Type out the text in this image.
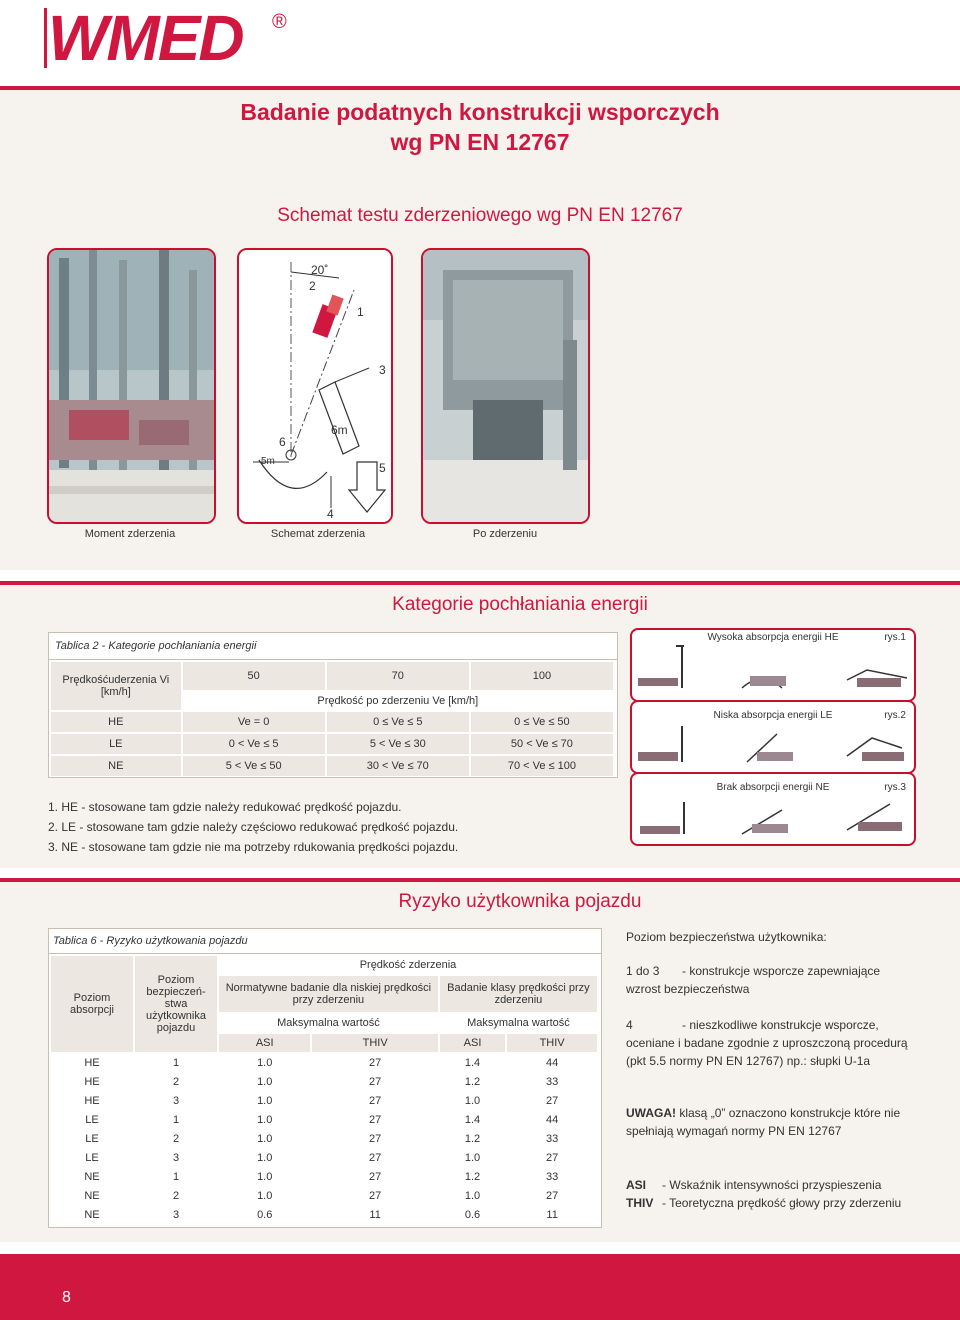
WMED ®
Badanie podatnych konstrukcji wsporczych
wg PN EN 12767
Schemat testu zderzeniowego wg PN EN 12767
20˚
2
1
3
6
6m
5m	5
4
Moment zderzenia	Schemat zderzenia	Po zderzeniu
Kategorie pochłaniania energii
Tablica 2 - Kategorie pochłaniania energii
Prędkośćuderzenia Vi [km/h]	50	70	100
	Prędkość po zderzeniu Ve [km/h]		
HE	Ve = 0	0 ≤ Ve ≤ 5	0 ≤ Ve ≤ 50
LE	0 < Ve ≤ 5	5 < Ve ≤ 30	50 < Ve ≤ 70
NE	5 < Ve ≤ 50	30 < Ve ≤ 70	70 < Ve ≤ 100
1. HE - stosowane tam gdzie należy redukować prędkość pojazdu.
2. LE - stosowane tam gdzie należy częściowo redukować prędkość pojazdu.
3. NE - stosowane tam gdzie nie ma potrzeby rdukowania prędkości pojazdu.
Wysoka absorpcja energii HE	rys.1
Niska absorpcja energii LE	rys.2
Brak absorpcji energii NE	rys.3
Ryzyko użytkownika pojazdu
Tablica 6 - Ryzyko użytkowania pojazdu
Poziom absorpcji	Poziom bezpieczeń-stwa użytkownika pojazdu	Prędkość zderzenia			
		Normatywne badanie dla niskiej prędkości przy zderzeniu		Badanie klasy prędkości przy zderzeniu	
		Maksymalna wartość		Maksymalna wartość	
		ASI	THIV	ASI	THIV
HE	1	1.0	27	1.4	44
HE	2	1.0	27	1.2	33
HE	3	1.0	27	1.0	27
LE	1	1.0	27	1.4	44
LE	2	1.0	27	1.2	33
LE	3	1.0	27	1.0	27
NE	1	1.0	27	1.2	33
NE	2	1.0	27	1.0	27
NE	3	0.6	11	0.6	11
Poziom bezpieczeństwa użytkownika:
1 do 3 - konstrukcje wsporcze zapewniające wzrost bezpieczeństwa
4	- nieszkodliwe konstrukcje wsporcze, oceniane i badane zgodnie z uproszczoną procedurą (pkt 5.5 normy PN EN 12767) np.: słupki U-1a
UWAGA! klasą „0” oznaczono konstrukcje które nie spełniają wymagań normy PN EN 12767
ASI - Wskaźnik intensywności przyspieszenia
THIV - Teoretyczna prędkość głowy przy zderzeniu
8
